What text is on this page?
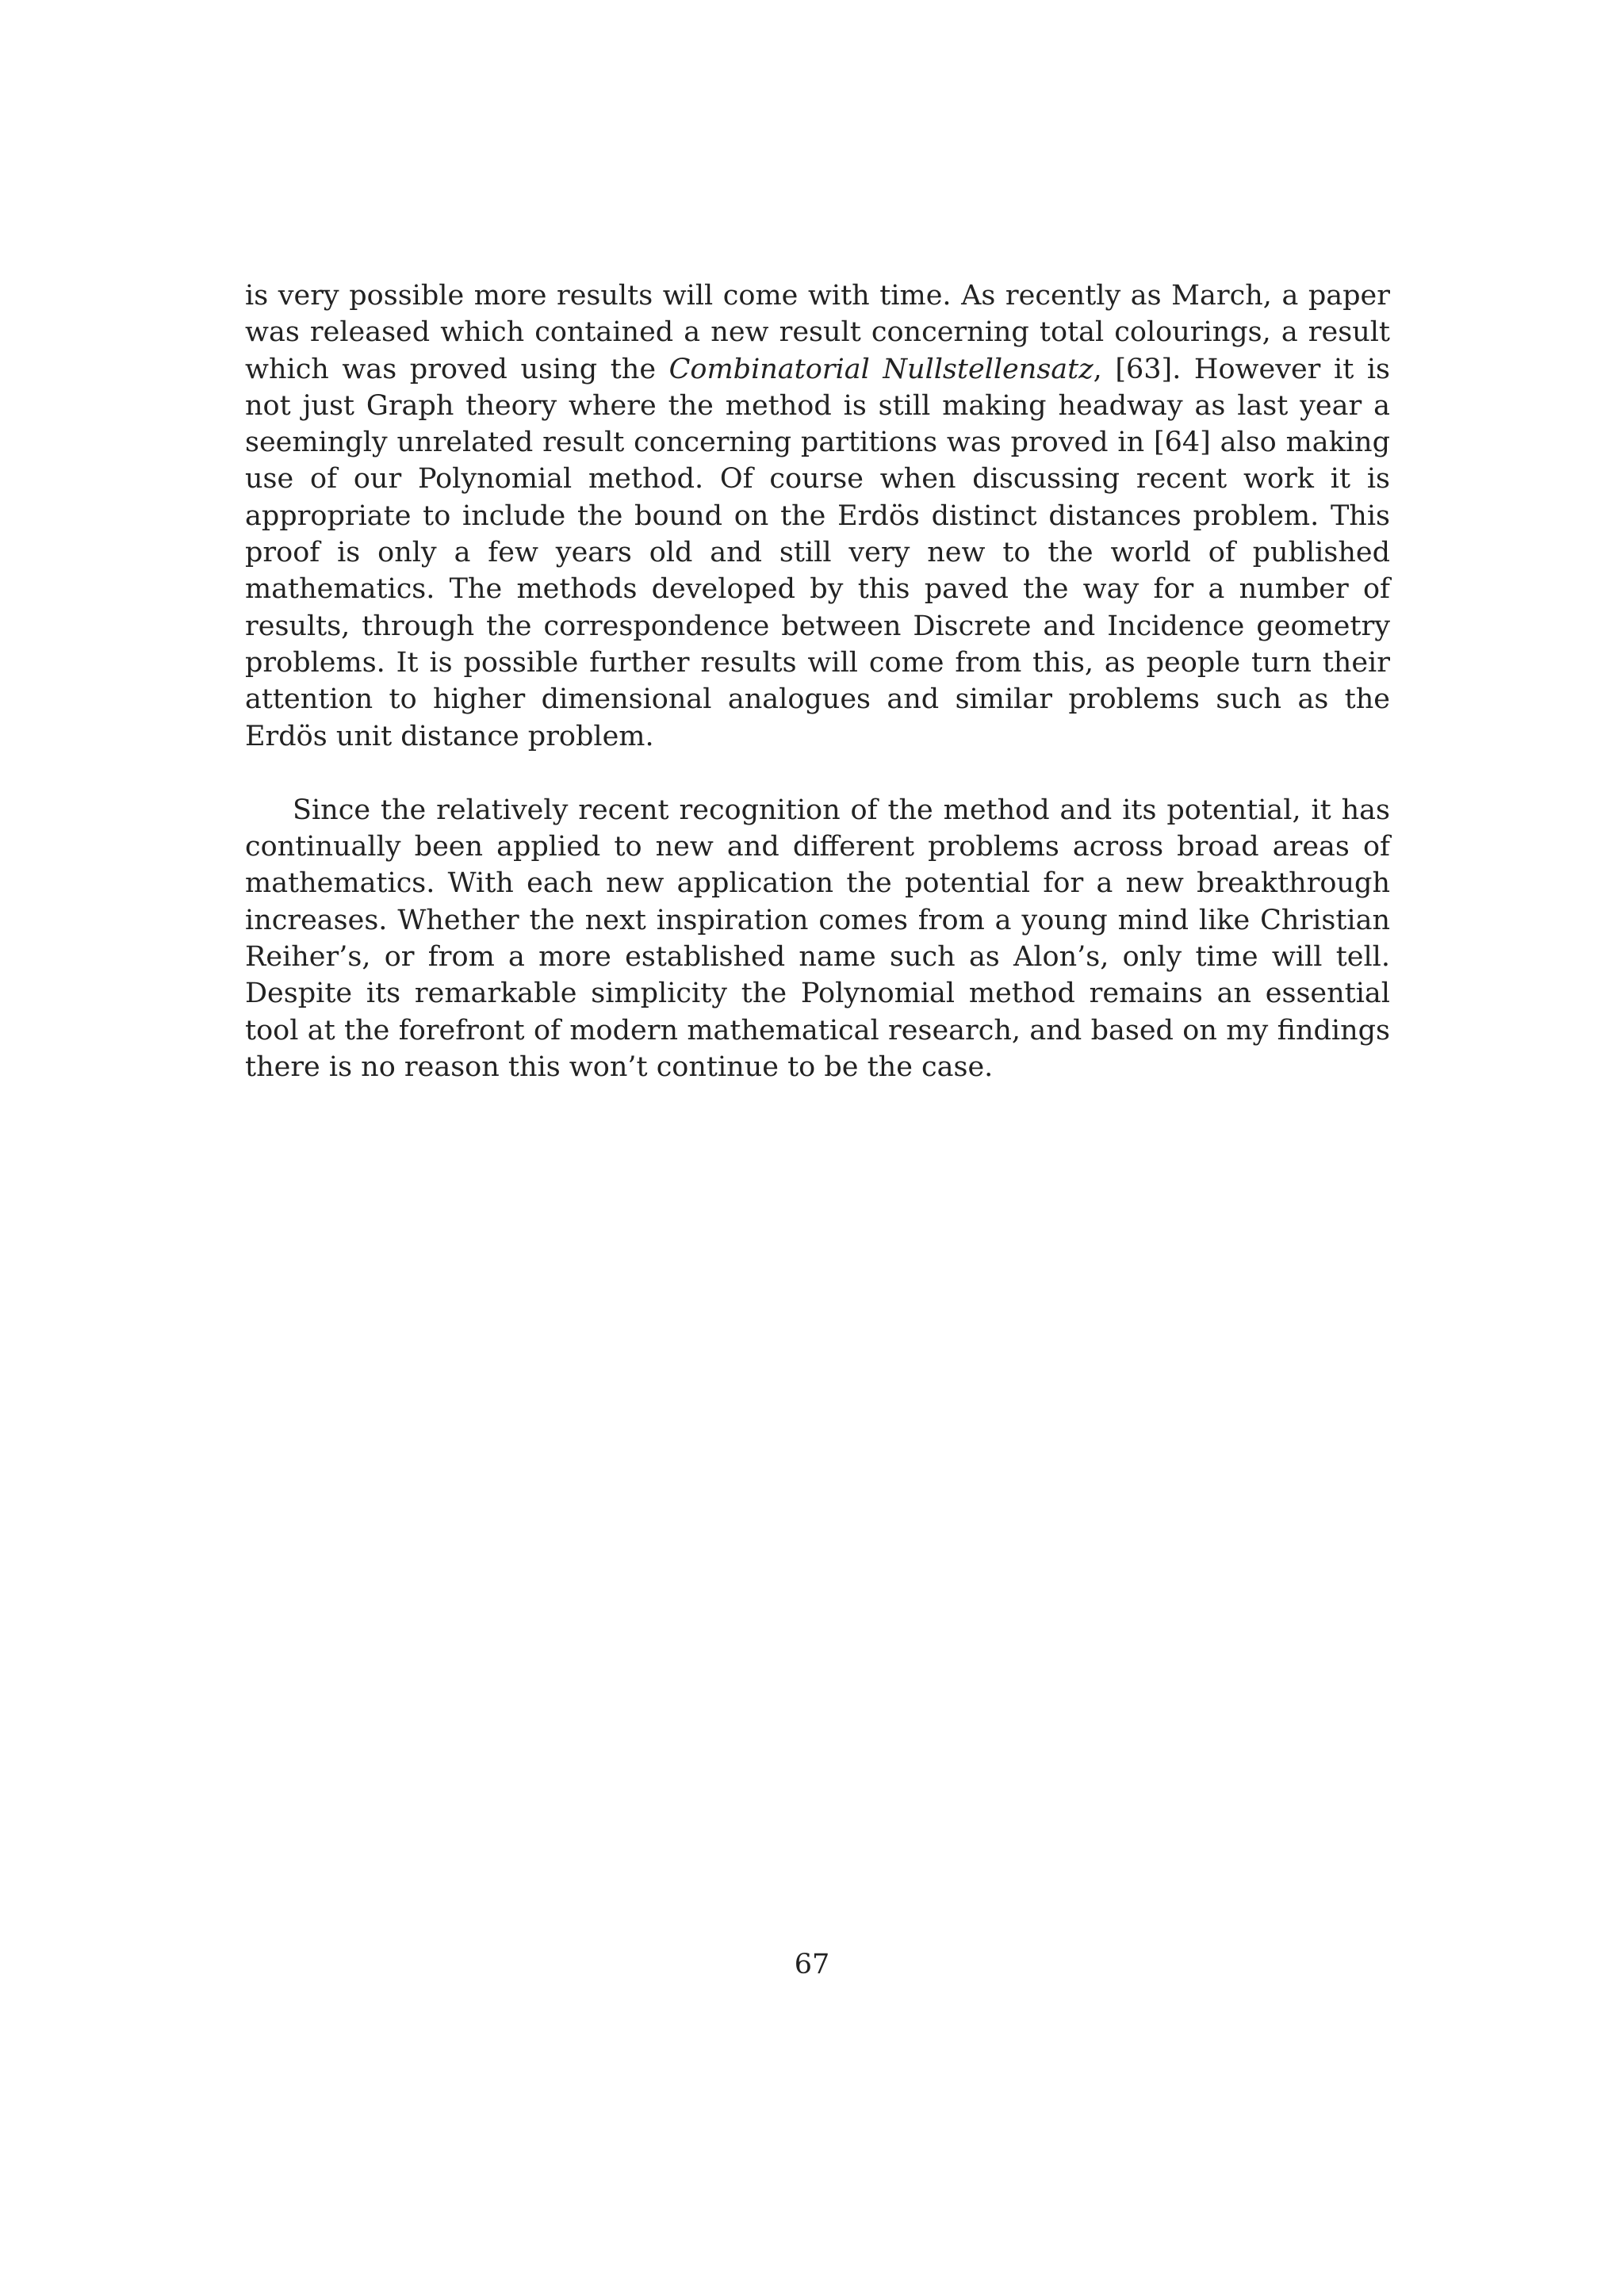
is very possible more results will come with time. As recently as March, a paper was released which contained a new result concerning total colourings, a result which was proved using the Combinatorial Nullstellensatz, [63]. However it is not just Graph theory where the method is still making headway as last year a seemingly unrelated result concerning partitions was proved in [64] also making use of our Polynomial method. Of course when discussing recent work it is appropriate to include the bound on the Erdös distinct distances problem. This proof is only a few years old and still very new to the world of published mathematics. The methods developed by this paved the way for a number of results, through the correspondence between Discrete and Incidence geometry problems. It is possible further results will come from this, as people turn their attention to higher dimensional analogues and similar problems such as the Erdös unit distance problem.

Since the relatively recent recognition of the method and its potential, it has continually been applied to new and different problems across broad areas of mathematics. With each new application the potential for a new breakthrough increases. Whether the next inspiration comes from a young mind like Christian Reiher’s, or from a more established name such as Alon’s, only time will tell. Despite its remarkable simplicity the Polynomial method remains an essential tool at the forefront of modern mathematical research, and based on my findings there is no reason this won’t continue to be the case.

67
